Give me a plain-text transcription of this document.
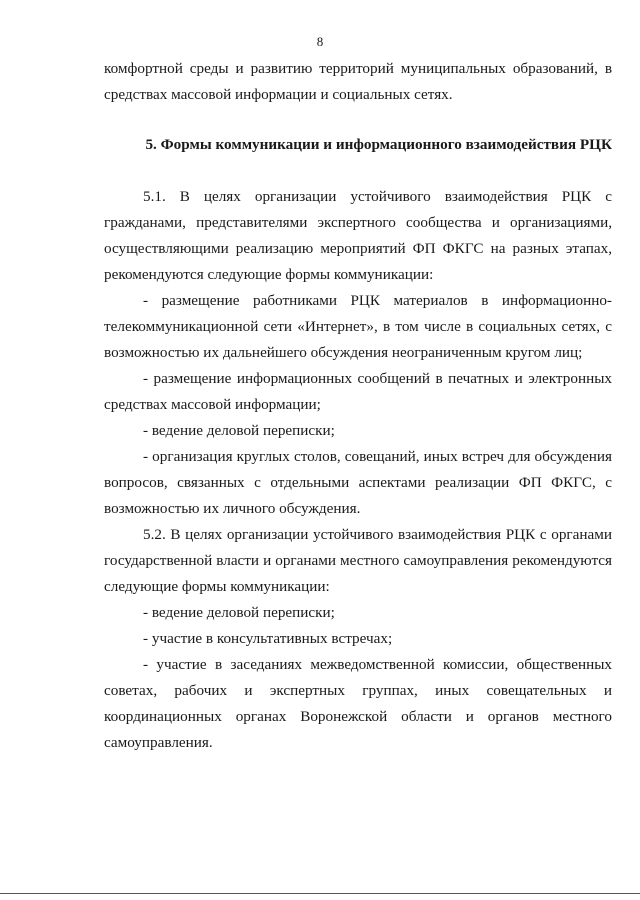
8

комфортной среды и развитию территорий муниципальных образований, в средствах массовой информации и социальных сетях.

5. Формы коммуникации и информационного взаимодействия РЦК

5.1. В целях организации устойчивого взаимодействия РЦК с гражданами, представителями экспертного сообщества и организациями, осуществляющими реализацию мероприятий ФП ФКГС на разных этапах, рекомендуются следующие формы коммуникации:

- размещение работниками РЦК материалов в информационно-телекоммуникационной сети «Интернет», в том числе в социальных сетях, с возможностью их дальнейшего обсуждения неограниченным кругом лиц;

- размещение информационных сообщений в печатных и электронных средствах массовой информации;

- ведение деловой переписки;

- организация круглых столов, совещаний, иных встреч для обсуждения вопросов, связанных с отдельными аспектами реализации ФП ФКГС, с возможностью их личного обсуждения.

5.2. В целях организации устойчивого взаимодействия РЦК с органами государственной власти и органами местного самоуправления рекомендуются следующие формы коммуникации:

- ведение деловой переписки;

- участие в консультативных встречах;

- участие в заседаниях межведомственной комиссии, общественных советах, рабочих и экспертных группах, иных совещательных и координационных органах Воронежской области и органов местного самоуправления.
